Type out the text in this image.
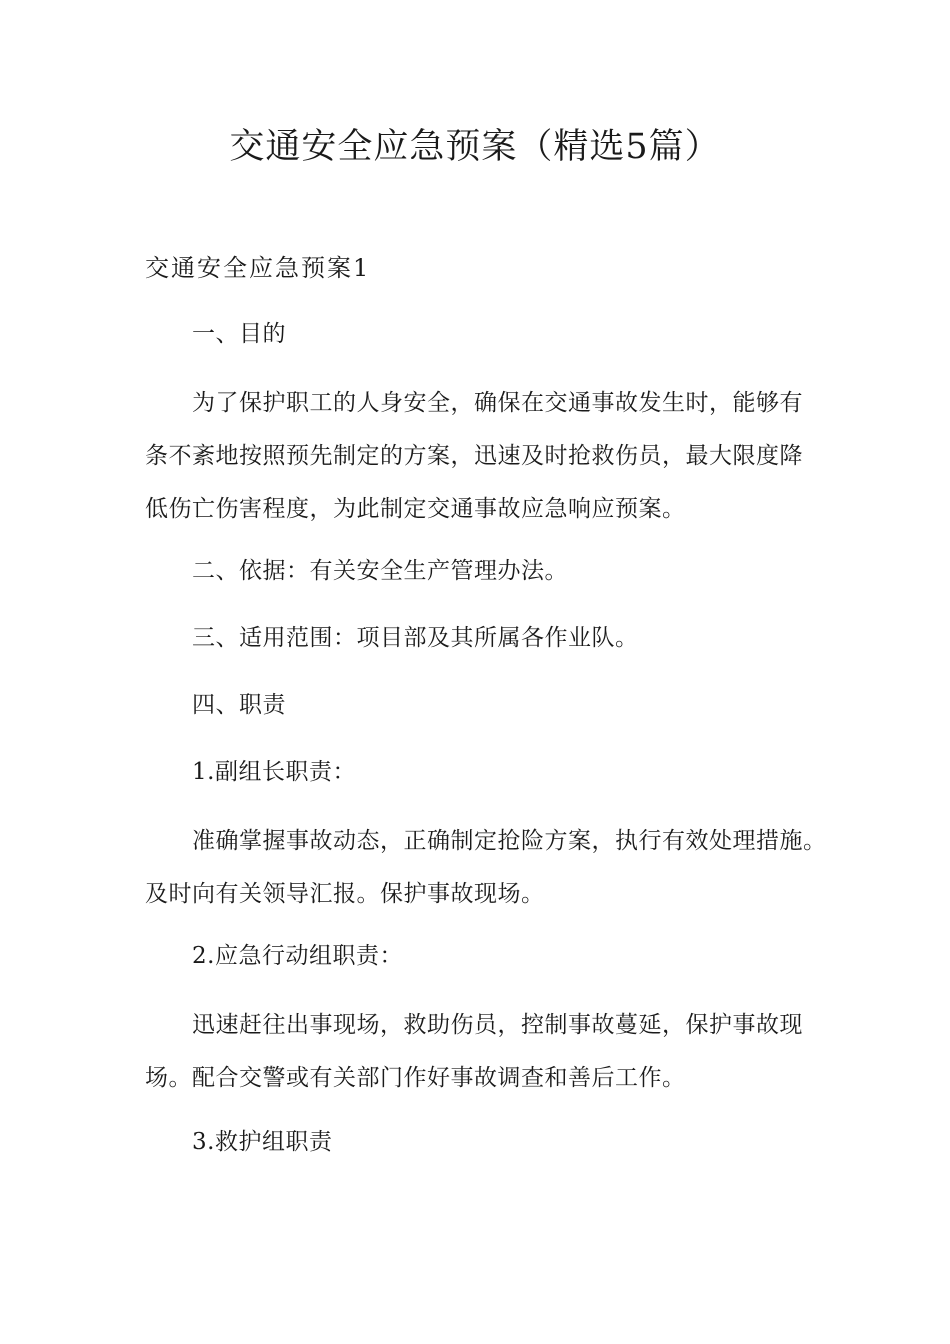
交通安全应急预案（精选5篇）
交通安全应急预案1

一、目的

为了保护职工的人身安全，确保在交通事故发生时，能够有
条不紊地按照预先制定的方案，迅速及时抢救伤员，最大限度降
低伤亡伤害程度，为此制定交通事故应急响应预案。

二、依据：有关安全生产管理办法。

三、适用范围：项目部及其所属各作业队。

四、职责

1.副组长职责：

准确掌握事故动态，正确制定抢险方案，执行有效处理措施。
及时向有关领导汇报。保护事故现场。

2.应急行动组职责：

迅速赶往出事现场，救助伤员，控制事故蔓延，保护事故现
场。配合交警或有关部门作好事故调查和善后工作。

3.救护组职责
